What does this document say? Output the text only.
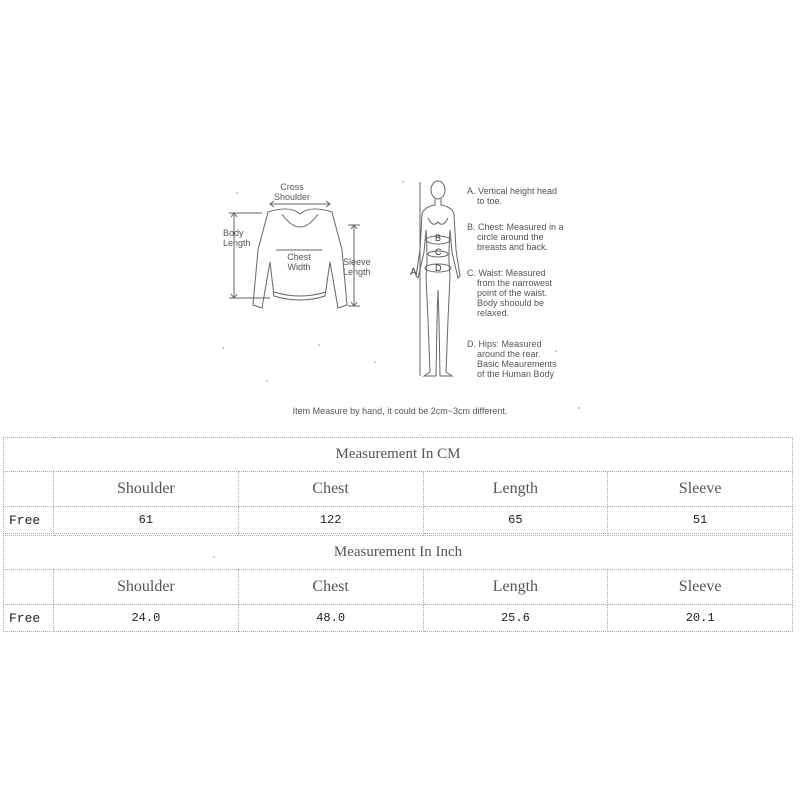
Cross
Shoulder
Body
Length
Chest
Width	Sleeve
Length	A
B
C
D
A. Vertical height head
to toe.
B. Chest: Measured in a
circle around the
breasts and back.
C. Waist: Measured
from the narrowest
point of the waist.
Body shoould be
relaxed.
D. Hips: Measured
around the rear.
Basic Meaurements
of the Human Body
Item Measure by hand, it could be 2cm~3cm different.
Measurement In CM				
	Shoulder	Chest	Length	Sleeve
Free	61	122	65	51
Measurement In Inch				
	Shoulder	Chest	Length	Sleeve
Free	24.0	48.0	25.6	20.1
